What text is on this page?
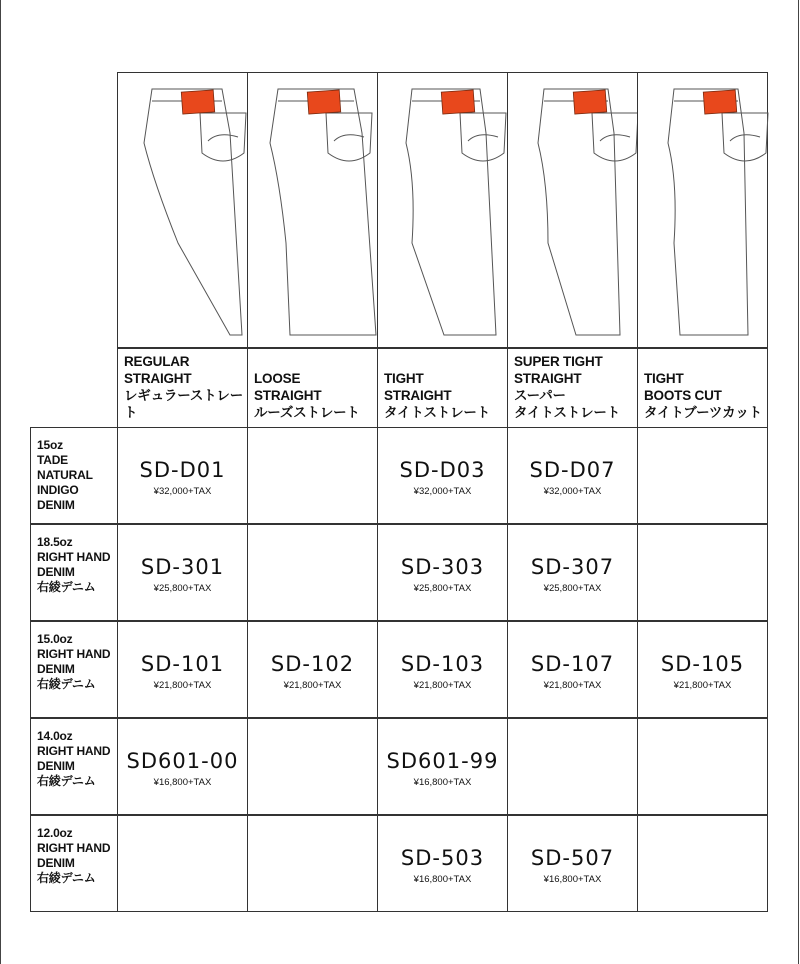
REGULAR
STRAIGHT
レギュラーストレート
LOOSE
STRAIGHT
ルーズストレート
TIGHT
STRAIGHT
タイトストレート
SUPER TIGHT
STRAIGHT
スーパー
タイトストレート
TIGHT
BOOTS CUT
タイトブーツカット
15oz
TADE
NATURAL
INDIGO
DENIM
SD-D01
¥32,000+TAX
SD-D03
¥32,000+TAX
SD-D07
¥32,000+TAX
18.5oz
RIGHT HAND
DENIM
右綾デニム
SD-301
¥25,800+TAX
SD-303
¥25,800+TAX
SD-307
¥25,800+TAX
15.0oz
RIGHT HAND
DENIM
右綾デニム
SD-101
¥21,800+TAX
SD-102
¥21,800+TAX
SD-103
¥21,800+TAX
SD-107
¥21,800+TAX
SD-105
¥21,800+TAX
14.0oz
RIGHT HAND
DENIM
右綾デニム
SD601-00
¥16,800+TAX
SD601-99
¥16,800+TAX
12.0oz
RIGHT HAND
DENIM
右綾デニム
SD-503
¥16,800+TAX
SD-507
¥16,800+TAX
